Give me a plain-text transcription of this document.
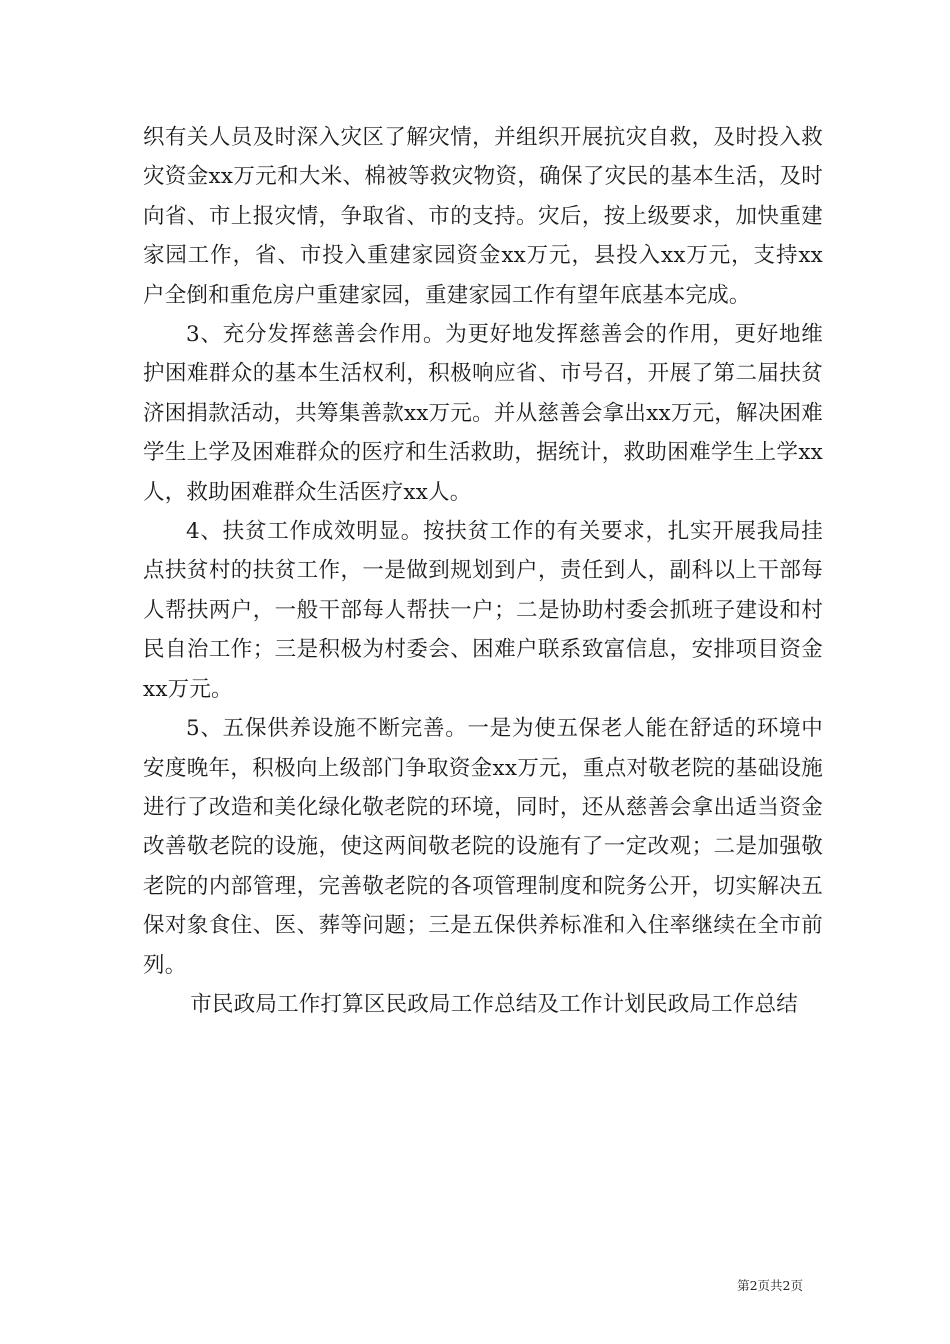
织有关人员及时深入灾区了解灾情，并组织开展抗灾自救，及时投入救灾资金xx万元和大米、棉被等救灾物资，确保了灾民的基本生活，及时向省、市上报灾情，争取省、市的支持。灾后，按上级要求，加快重建家园工作，省、市投入重建家园资金xx万元，县投入xx万元，支持xx户全倒和重危房户重建家园，重建家园工作有望年底基本完成。

3、充分发挥慈善会作用。为更好地发挥慈善会的作用，更好地维护困难群众的基本生活权利，积极响应省、市号召，开展了第二届扶贫济困捐款活动，共筹集善款xx万元。并从慈善会拿出xx万元，解决困难学生上学及困难群众的医疗和生活救助，据统计，救助困难学生上学xx人，救助困难群众生活医疗xx人。

4、扶贫工作成效明显。按扶贫工作的有关要求，扎实开展我局挂点扶贫村的扶贫工作，一是做到规划到户，责任到人，副科以上干部每人帮扶两户，一般干部每人帮扶一户；二是协助村委会抓班子建设和村民自治工作；三是积极为村委会、困难户联系致富信息，安排项目资金xx万元。

5、五保供养设施不断完善。一是为使五保老人能在舒适的环境中安度晚年，积极向上级部门争取资金xx万元，重点对敬老院的基础设施进行了改造和美化绿化敬老院的环境，同时，还从慈善会拿出适当资金改善敬老院的设施，使这两间敬老院的设施有了一定改观；二是加强敬老院的内部管理，完善敬老院的各项管理制度和院务公开，切实解决五保对象食住、医、葬等问题；三是五保供养标准和入住率继续在全市前列。

市民政局工作打算区民政局工作总结及工作计划民政局工作总结

第2页共2页
